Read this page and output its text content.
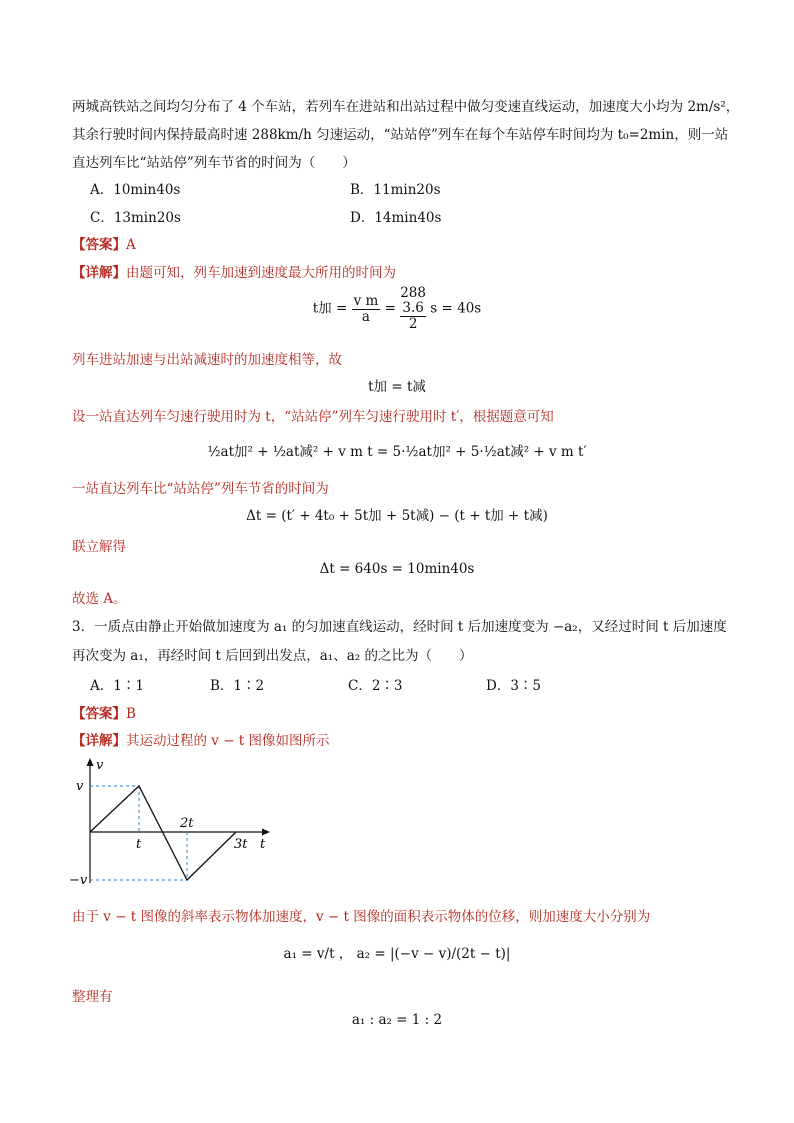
两城高铁站之间均匀分布了 4 个车站，若列车在进站和出站过程中做匀变速直线运动，加速度大小均为 2m/s²，
其余行驶时间内保持最高时速 288km/h 匀速运动，“站站停”列车在每个车站停车时间均为 t₀=2min，则一站
直达列车比“站站停”列车节省的时间为（　　）
A．10min40s	B．11min20s
C．13min20s	D．14min40s
【答案】A
【详解】由题可知，列车加速到速度最大所用的时间为
t加 = $\frac{\text{v m}}{a}$ =
288
3.6
2
s = 40s
列车进站加速与出站减速时的加速度相等，故
t加 = t减
设一站直达列车匀速行驶用时为 t，“站站停”列车匀速行驶用时 t′，根据题意可知
½at加² + ½at减² + v m t = 5·½at加² + 5·½at减² + v m t′
一站直达列车比“站站停”列车节省的时间为
Δt = (t′ + 4t₀ + 5t加 + 5t减) − (t + t加 + t减)
联立解得
Δt = 640s = 10min40s
故选 A。
3．一质点由静止开始做加速度为 a₁ 的匀加速直线运动，经时间 t 后加速度变为 −a₂，又经过时间 t 后加速度
再次变为 a₁，再经时间 t 后回到出发点，a₁、a₂ 的之比为（　　）
A．1∶1	B．1∶2	C．2∶3	D．3∶5
【答案】B
【详解】其运动过程的 v − t 图像如图所示
v
v
−v
t
2t
3t t
由于 v − t 图像的斜率表示物体加速度，v − t 图像的面积表示物体的位移，则加速度大小分别为
a₁ = v/t ， a₂ = |(−v − v)/(2t − t)|
整理有
a₁ : a₂ = 1 : 2
